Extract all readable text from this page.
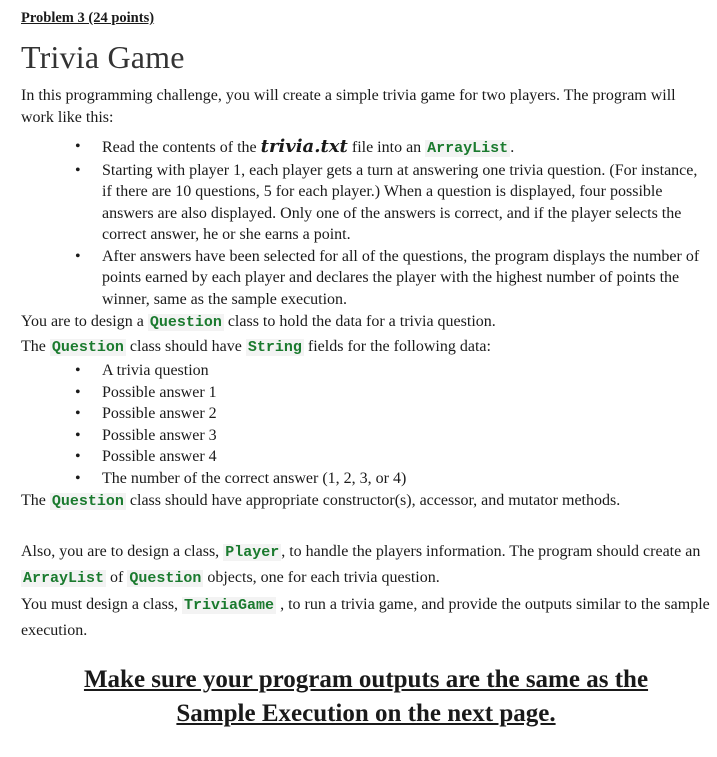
Problem 3 (24 points)

Trivia Game

In this programming challenge, you will create a simple trivia game for two players. The program will work like this:

• Read the contents of the trivia.txt file into an ArrayList .
• Starting with player 1, each player gets a turn at answering one trivia question. (For instance, if there are 10 questions, 5 for each player.) When a question is displayed, four possible answers are also displayed. Only one of the answers is correct, and if the player selects the correct answer, he or she earns a point.
• After answers have been selected for all of the questions, the program displays the number of points earned by each player and declares the player with the highest number of points the winner, same as the sample execution.

You are to design a Question class to hold the data for a trivia question.

The Question class should have String fields for the following data:

• A trivia question
• Possible answer 1
• Possible answer 2
• Possible answer 3
• Possible answer 4
• The number of the correct answer (1, 2, 3, or 4)

The Question class should have appropriate constructor(s), accessor, and mutator methods.

Also, you are to design a class, Player , to handle the players information. The program should create an ArrayList of Question objects, one for each trivia question.

You must design a class, TriviaGame , to run a trivia game, and provide the outputs similar to the sample execution.

Make sure your program outputs are the same as the
Sample Execution on the next page.
